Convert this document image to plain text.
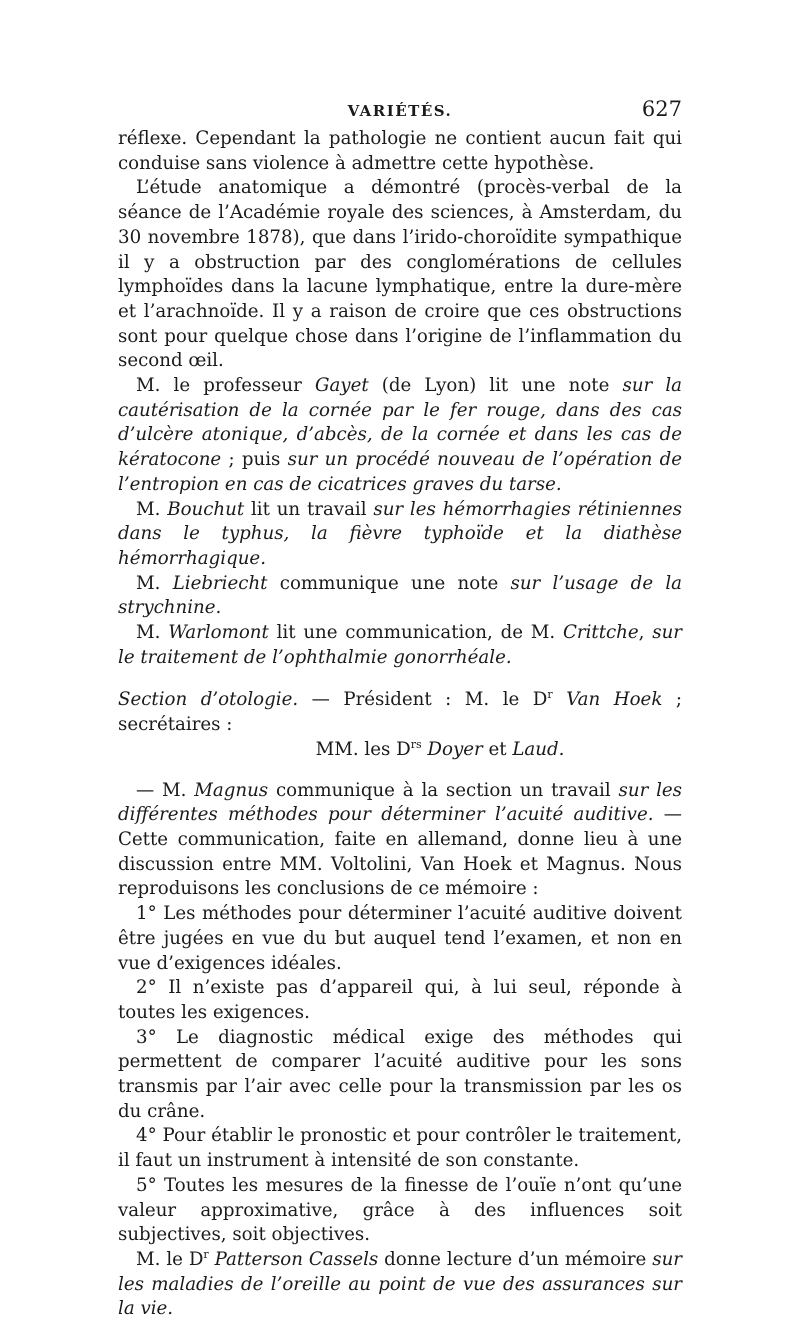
VARIÉTÉS.	627

réflexe. Cependant la pathologie ne contient aucun fait qui conduise sans violence à admettre cette hypothèse.

L’étude anatomique a démontré (procès-verbal de la séance de l’Académie royale des sciences, à Amsterdam, du 30 novembre 1878), que dans l’irido-choroïdite sympathique il y a obstruction par des conglomérations de cellules lymphoïdes dans la lacune lymphatique, entre la dure-mère et l’arachnoïde. Il y a raison de croire que ces obstructions sont pour quelque chose dans l’origine de l’inflammation du second œil.

M. le professeur Gayet (de Lyon) lit une note sur la cautérisation de la cornée par le fer rouge, dans des cas d’ulcère atonique, d’abcès, de la cornée et dans les cas de kératocone ; puis sur un procédé nouveau de l’opération de l’entropion en cas de cicatrices graves du tarse.

M. Bouchut lit un travail sur les hémorrhagies rétiniennes dans le typhus, la fièvre typhoïde et la diathèse hémorrhagique.

M. Liebriecht communique une note sur l’usage de la strychnine.

M. Warlomont lit une communication, de M. Crittche, sur le traitement de l’ophthalmie gonorrhéale.

Section d’otologie. — Président : M. le $D^r$ Van Hoek ; secrétaires :

MM. les $D^{rs}$ Doyer et Laud.

— M. Magnus communique à la section un travail sur les différentes méthodes pour déterminer l’acuité auditive. — Cette communication, faite en allemand, donne lieu à une discussion entre MM. Voltolini, Van Hoek et Magnus. Nous reproduisons les conclusions de ce mémoire :

1° Les méthodes pour déterminer l’acuité auditive doivent être jugées en vue du but auquel tend l’examen, et non en vue d’exigences idéales.

2° Il n’existe pas d’appareil qui, à lui seul, réponde à toutes les exigences.

3° Le diagnostic médical exige des méthodes qui permettent de comparer l’acuité auditive pour les sons transmis par l’air avec celle pour la transmission par les os du crâne.

4° Pour établir le pronostic et pour contrôler le traitement, il faut un instrument à intensité de son constante.

5° Toutes les mesures de la finesse de l’ouïe n’ont qu’une valeur approximative, grâce à des influences soit subjectives, soit objectives.

M. le $D^r$ Patterson Cassels donne lecture d’un mémoire sur les maladies de l’oreille au point de vue des assurances sur la vie.
